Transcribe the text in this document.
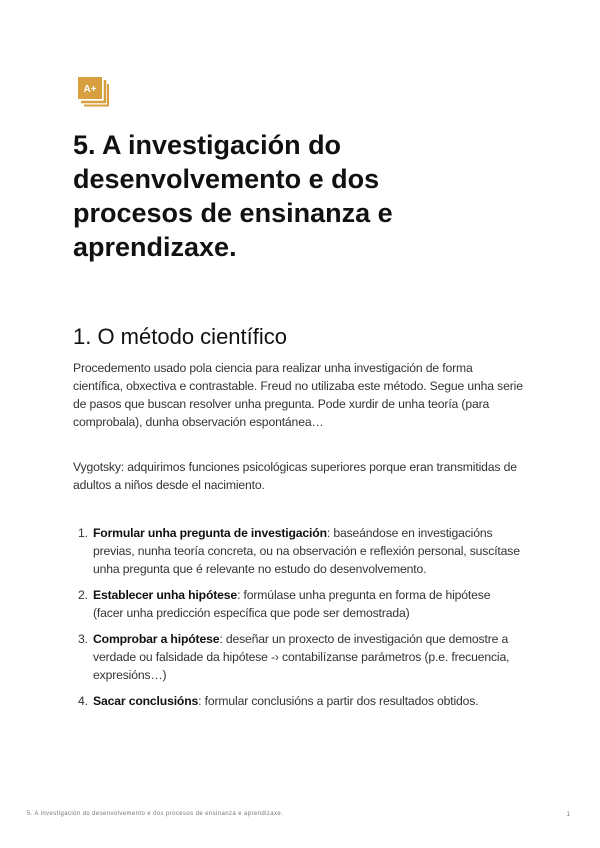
A+
5. A investigación do desenvolvemento e dos procesos de ensinanza e aprendizaxe.
1. O método científico

Procedemento usado pola ciencia para realizar unha investigación de forma científica, obxectiva e contrastable. Freud no utilizaba este método. Segue unha serie de pasos que buscan resolver unha pregunta. Pode xurdir de unha teoría (para comprobala), dunha observación espontánea…

Vygotsky: adquirimos funciones psicológicas superiores porque eran transmitidas de adultos a niños desde el nacimiento.

1. Formular unha pregunta de investigación: baseándose en investigacións previas, nunha teoría concreta, ou na observación e reflexión personal, suscítase unha pregunta que é relevante no estudo do desenvolvemento.
2. Establecer unha hipótese: formúlase unha pregunta en forma de hipótese (facer unha predicción específica que pode ser demostrada)
3. Comprobar a hipótese: deseñar un proxecto de investigación que demostre a verdade ou falsidade da hipótese -› contabilízanse parámetros (p.e. frecuencia, expresións…)
4. Sacar conclusións: formular conclusións a partir dos resultados obtidos.
5. A investigación do desenvolvemento e dos procesos de ensinanza e aprendizaxe.	1
